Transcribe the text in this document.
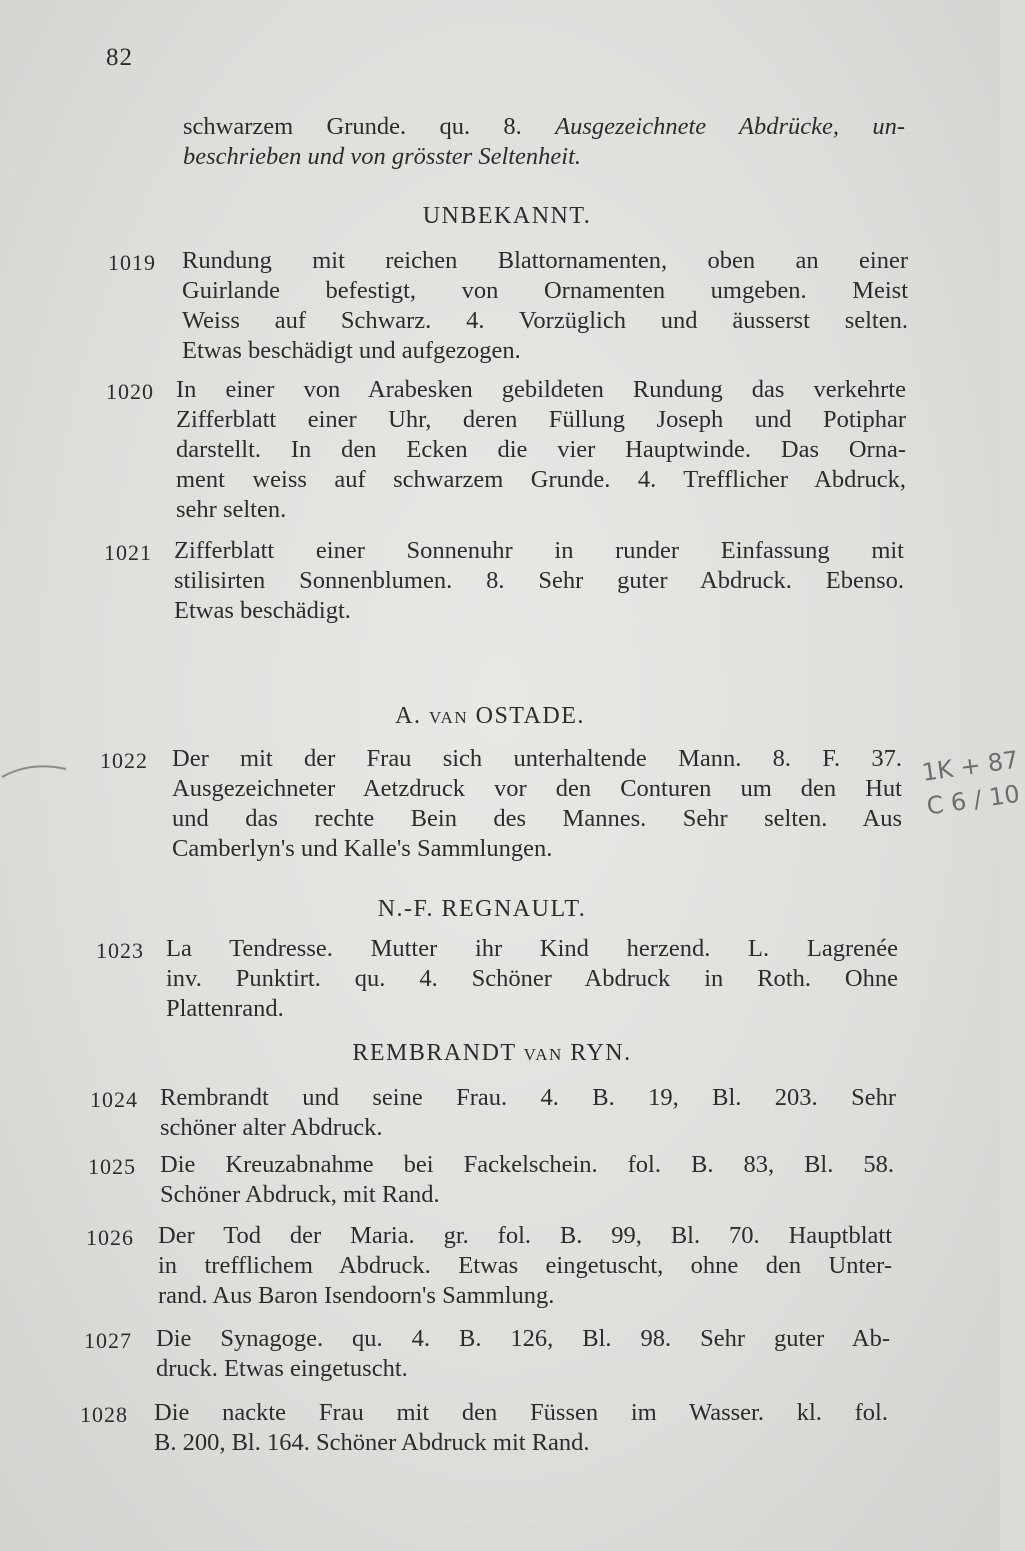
82
schwarzem Grunde. qu. 8. Ausgezeichnete Abdrücke, un-
beschrieben und von grösster Seltenheit.
UNBEKANNT.
1019 Rundung mit reichen Blattornamenten, oben an einer
Guirlande befestigt, von Ornamenten umgeben. Meist
Weiss auf Schwarz. 4. Vorzüglich und äusserst selten.
Etwas beschädigt und aufgezogen.
1020 In einer von Arabesken gebildeten Rundung das verkehrte
Zifferblatt einer Uhr, deren Füllung Joseph und Potiphar
darstellt. In den Ecken die vier Hauptwinde. Das Orna-
ment weiss auf schwarzem Grunde. 4. Trefflicher Abdruck,
sehr selten.
1021 Zifferblatt einer Sonnenuhr in runder Einfassung mit
stilisirten Sonnenblumen. 8. Sehr guter Abdruck. Ebenso.
Etwas beschädigt.
A. VAN OSTADE.
1022 Der mit der Frau sich unterhaltende Mann. 8. F. 37.
Ausgezeichneter Aetzdruck vor den Conturen um den Hut
und das rechte Bein des Mannes. Sehr selten. Aus
Camberlyn's und Kalle's Sammlungen.
N.-F. REGNAULT.
1023 La Tendresse. Mutter ihr Kind herzend. L. Lagrenée
inv. Punktirt. qu. 4. Schöner Abdruck in Roth. Ohne
Plattenrand.
REMBRANDT VAN RYN.
1024 Rembrandt und seine Frau. 4. B. 19, Bl. 203. Sehr
schöner alter Abdruck.
1025 Die Kreuzabnahme bei Fackelschein. fol. B. 83, Bl. 58.
Schöner Abdruck, mit Rand.
1026 Der Tod der Maria. gr. fol. B. 99, Bl. 70. Hauptblatt
in trefflichem Abdruck. Etwas eingetuscht, ohne den Unter-
rand. Aus Baron Isendoorn's Sammlung.
1027 Die Synagoge. qu. 4. B. 126, Bl. 98. Sehr guter Ab-
druck. Etwas eingetuscht.
1028 Die nackte Frau mit den Füssen im Wasser. kl. fol.
B. 200, Bl. 164. Schöner Abdruck mit Rand.
1K + 87
C 6 / 10
